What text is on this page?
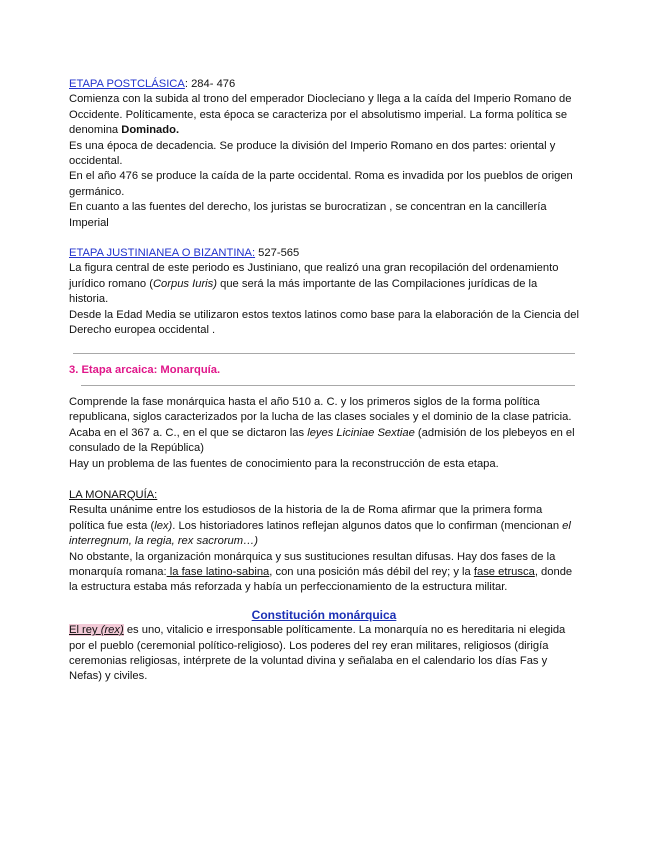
ETAPA POSTCLÁSICA: 284- 476

Comienza con la subida al trono del emperador Diocleciano y llega a la caída del Imperio Romano de Occidente. Políticamente, esta época se caracteriza por el absolutismo imperial. La forma política se denomina Dominado.

Es una época de decadencia. Se produce la división del Imperio Romano en dos partes: oriental y occidental.

En el año 476 se produce la caída de la parte occidental. Roma es invadida por los pueblos de origen germánico.

En cuanto a las fuentes del derecho, los juristas se burocratizan , se concentran en la cancillería Imperial

ETAPA JUSTINIANEA O BIZANTINA: 527-565

La figura central de este periodo es Justiniano, que realizó una gran recopilación del ordenamiento jurídico romano (Corpus Iuris) que será la más importante de las Compilaciones jurídicas de la historia.

Desde la Edad Media se utilizaron estos textos latinos como base para la elaboración de la Ciencia del Derecho europea occidental .

3. Etapa arcaica: Monarquía.

Comprende la fase monárquica hasta el año 510 a. C. y los primeros siglos de la forma política republicana, siglos caracterizados por la lucha de las clases sociales y el dominio de la clase patricia.

Acaba en el 367 a. C., en el que se dictaron las leyes Liciniae Sextiae (admisión de los plebeyos en el consulado de la República)

Hay un problema de las fuentes de conocimiento para la reconstrucción de esta etapa.

LA MONARQUÍA:

Resulta unánime entre los estudiosos de la historia de la de Roma afirmar que la primera forma política fue esta (lex). Los historiadores latinos reflejan algunos datos que lo confirman (mencionan el interregnum, la regia, rex sacrorum…)

No obstante, la organización monárquica y sus sustituciones resultan difusas. Hay dos fases de la monarquía romana: la fase latino-sabina, con una posición más débil del rey; y la fase etrusca, donde la estructura estaba más reforzada y había un perfeccionamiento de la estructura militar.

Constitución monárquica

El rey (rex) es uno, vitalicio e irresponsable políticamente. La monarquía no es hereditaria ni elegida por el pueblo (ceremonial político-religioso). Los poderes del rey eran militares, religiosos (dirigía ceremonias religiosas, intérprete de la voluntad divina y señalaba en el calendario los días Fas y Nefas) y civiles.
